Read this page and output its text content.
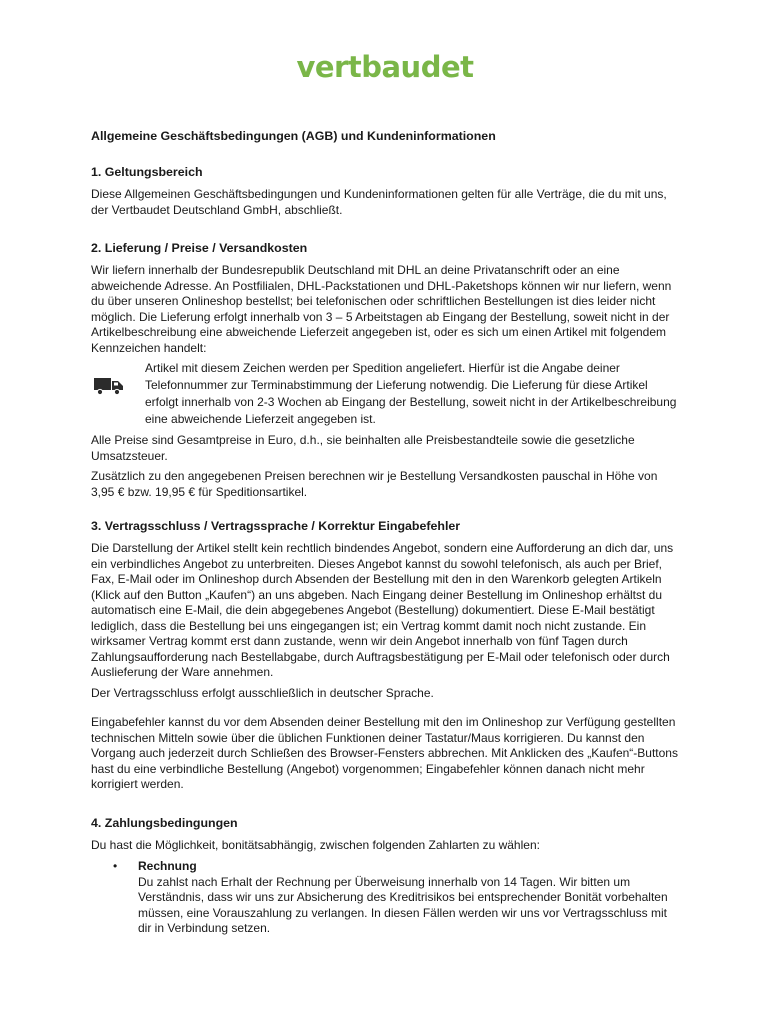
vertbaudet
Allgemeine Geschäftsbedingungen (AGB) und Kundeninformationen
1. Geltungsbereich

Diese Allgemeinen Geschäftsbedingungen und Kundeninformationen gelten für alle Verträge, die du mit uns, der Vertbaudet Deutschland GmbH, abschließt.

2. Lieferung / Preise / Versandkosten

Wir liefern innerhalb der Bundesrepublik Deutschland mit DHL an deine Privatanschrift oder an eine abweichende Adresse. An Postfilialen, DHL-Packstationen und DHL-Paketshops können wir nur liefern, wenn du über unseren Onlineshop bestellst; bei telefonischen oder schriftlichen Bestellungen ist dies leider nicht möglich. Die Lieferung erfolgt innerhalb von 3 – 5 Arbeitstagen ab Eingang der Bestellung, soweit nicht in der Artikelbeschreibung eine abweichende Lieferzeit angegeben ist, oder es sich um einen Artikel mit folgendem Kennzeichen handelt:

Artikel mit diesem Zeichen werden per Spedition angeliefert. Hierfür ist die Angabe deiner Telefonnummer zur Terminabstimmung der Lieferung notwendig. Die Lieferung für diese Artikel erfolgt innerhalb von 2-3 Wochen ab Eingang der Bestellung, soweit nicht in der Artikelbeschreibung eine abweichende Lieferzeit angegeben ist.

Alle Preise sind Gesamtpreise in Euro, d.h., sie beinhalten alle Preisbestandteile sowie die gesetzliche Umsatzsteuer.

Zusätzlich zu den angegebenen Preisen berechnen wir je Bestellung Versandkosten pauschal in Höhe von 3,95 € bzw. 19,95 € für Speditionsartikel.

3. Vertragsschluss / Vertragssprache / Korrektur Eingabefehler

Die Darstellung der Artikel stellt kein rechtlich bindendes Angebot, sondern eine Aufforderung an dich dar, uns ein verbindliches Angebot zu unterbreiten. Dieses Angebot kannst du sowohl telefonisch, als auch per Brief, Fax, E-Mail oder im Onlineshop durch Absenden der Bestellung mit den in den Warenkorb gelegten Artikeln (Klick auf den Button „Kaufen“) an uns abgeben. Nach Eingang deiner Bestellung im Onlineshop erhältst du automatisch eine E-Mail, die dein abgegebenes Angebot (Bestellung) dokumentiert. Diese E-Mail bestätigt lediglich, dass die Bestellung bei uns eingegangen ist; ein Vertrag kommt damit noch nicht zustande. Ein wirksamer Vertrag kommt erst dann zustande, wenn wir dein Angebot innerhalb von fünf Tagen durch Zahlungsaufforderung nach Bestellabgabe, durch Auftragsbestätigung per E-Mail oder telefonisch oder durch Auslieferung der Ware annehmen.

Der Vertragsschluss erfolgt ausschließlich in deutscher Sprache.

Eingabefehler kannst du vor dem Absenden deiner Bestellung mit den im Onlineshop zur Verfügung gestellten technischen Mitteln sowie über die üblichen Funktionen deiner Tastatur/Maus korrigieren. Du kannst den Vorgang auch jederzeit durch Schließen des Browser-Fensters abbrechen. Mit Anklicken des „Kaufen“-Buttons hast du eine verbindliche Bestellung (Angebot) vorgenommen; Eingabefehler können danach nicht mehr korrigiert werden.

4. Zahlungsbedingungen

Du hast die Möglichkeit, bonitätsabhängig, zwischen folgenden Zahlarten zu wählen:

• Rechnung
Du zahlst nach Erhalt der Rechnung per Überweisung innerhalb von 14 Tagen. Wir bitten um Verständnis, dass wir uns zur Absicherung des Kreditrisikos bei entsprechender Bonität vorbehalten müssen, eine Vorauszahlung zu verlangen. In diesen Fällen werden wir uns vor Vertragsschluss mit dir in Verbindung setzen.
